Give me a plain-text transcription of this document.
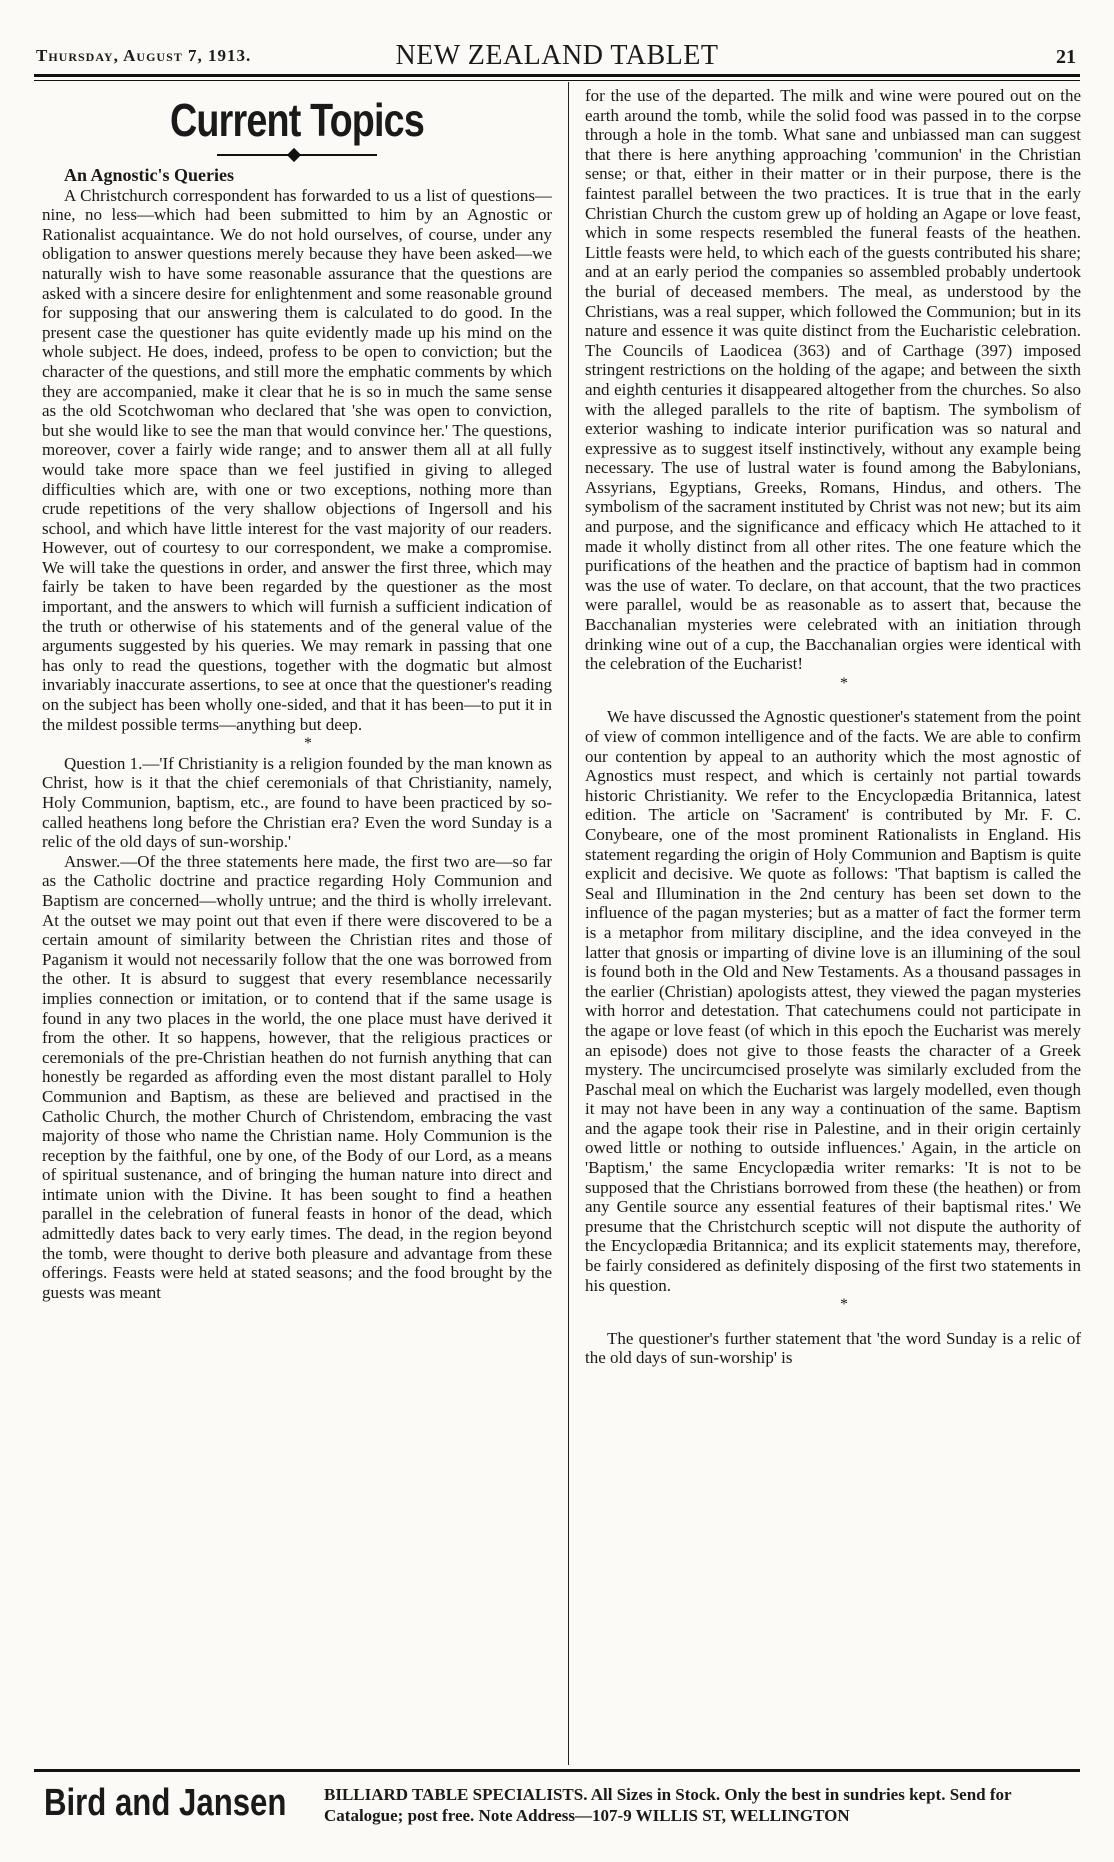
Thursday, August 7, 1913.	NEW ZEALAND TABLET	21
Current Topics

An Agnostic's Queries

A Christchurch correspondent has forwarded to us a list of questions—nine, no less—which had been submitted to him by an Agnostic or Rationalist acquaintance. We do not hold ourselves, of course, under any obligation to answer questions merely because they have been asked—we naturally wish to have some reasonable assurance that the questions are asked with a sincere desire for enlightenment and some reasonable ground for supposing that our answering them is calculated to do good. In the present case the questioner has quite evidently made up his mind on the whole subject. He does, indeed, profess to be open to conviction; but the character of the questions, and still more the emphatic comments by which they are accompanied, make it clear that he is so in much the same sense as the old Scotchwoman who declared that 'she was open to conviction, but she would like to see the man that would convince her.' The questions, moreover, cover a fairly wide range; and to answer them all at all fully would take more space than we feel justified in giving to alleged difficulties which are, with one or two exceptions, nothing more than crude repetitions of the very shallow objections of Ingersoll and his school, and which have little interest for the vast majority of our readers. However, out of courtesy to our correspondent, we make a compromise. We will take the questions in order, and answer the first three, which may fairly be taken to have been regarded by the questioner as the most important, and the answers to which will furnish a sufficient indication of the truth or otherwise of his statements and of the general value of the arguments suggested by his queries. We may remark in passing that one has only to read the questions, together with the dogmatic but almost invariably inaccurate assertions, to see at once that the questioner's reading on the subject has been wholly one-sided, and that it has been—to put it in the mildest possible terms—anything but deep.

*

Question 1.—'If Christianity is a religion founded by the man known as Christ, how is it that the chief ceremonials of that Christianity, namely, Holy Communion, baptism, etc., are found to have been practiced by so-called heathens long before the Christian era? Even the word Sunday is a relic of the old days of sun-worship.'

Answer.—Of the three statements here made, the first two are—so far as the Catholic doctrine and practice regarding Holy Communion and Baptism are concerned—wholly untrue; and the third is wholly irrelevant. At the outset we may point out that even if there were discovered to be a certain amount of similarity between the Christian rites and those of Paganism it would not necessarily follow that the one was borrowed from the other. It is absurd to suggest that every resemblance necessarily implies connection or imitation, or to contend that if the same usage is found in any two places in the world, the one place must have derived it from the other. It so happens, however, that the religious practices or ceremonials of the pre-Christian heathen do not furnish anything that can honestly be regarded as affording even the most distant parallel to Holy Communion and Baptism, as these are believed and practised in the Catholic Church, the mother Church of Christendom, embracing the vast majority of those who name the Christian name. Holy Communion is the reception by the faithful, one by one, of the Body of our Lord, as a means of spiritual sustenance, and of bringing the human nature into direct and intimate union with the Divine. It has been sought to find a heathen parallel in the celebration of funeral feasts in honor of the dead, which admittedly dates back to very early times. The dead, in the region beyond the tomb, were thought to derive both pleasure and advantage from these offerings. Feasts were held at stated seasons; and the food brought by the guests was meant

for the use of the departed. The milk and wine were poured out on the earth around the tomb, while the solid food was passed in to the corpse through a hole in the tomb. What sane and unbiassed man can suggest that there is here anything approaching 'communion' in the Christian sense; or that, either in their matter or in their purpose, there is the faintest parallel between the two practices. It is true that in the early Christian Church the custom grew up of holding an Agape or love feast, which in some respects resembled the funeral feasts of the heathen. Little feasts were held, to which each of the guests contributed his share; and at an early period the companies so assembled probably undertook the burial of deceased members. The meal, as understood by the Christians, was a real supper, which followed the Communion; but in its nature and essence it was quite distinct from the Eucharistic celebration. The Councils of Laodicea (363) and of Carthage (397) imposed stringent restrictions on the holding of the agape; and between the sixth and eighth centuries it disappeared altogether from the churches. So also with the alleged parallels to the rite of baptism. The symbolism of exterior washing to indicate interior purification was so natural and expressive as to suggest itself instinctively, without any example being necessary. The use of lustral water is found among the Babylonians, Assyrians, Egyptians, Greeks, Romans, Hindus, and others. The symbolism of the sacrament instituted by Christ was not new; but its aim and purpose, and the significance and efficacy which He attached to it made it wholly distinct from all other rites. The one feature which the purifications of the heathen and the practice of baptism had in common was the use of water. To declare, on that account, that the two practices were parallel, would be as reasonable as to assert that, because the Bacchanalian mysteries were celebrated with an initiation through drinking wine out of a cup, the Bacchanalian orgies were identical with the celebration of the Eucharist!

*

We have discussed the Agnostic questioner's statement from the point of view of common intelligence and of the facts. We are able to confirm our contention by appeal to an authority which the most agnostic of Agnostics must respect, and which is certainly not partial towards historic Christianity. We refer to the Encyclopædia Britannica, latest edition. The article on 'Sacrament' is contributed by Mr. F. C. Conybeare, one of the most prominent Rationalists in England. His statement regarding the origin of Holy Communion and Baptism is quite explicit and decisive. We quote as follows: 'That baptism is called the Seal and Illumination in the 2nd century has been set down to the influence of the pagan mysteries; but as a matter of fact the former term is a metaphor from military discipline, and the idea conveyed in the latter that gnosis or imparting of divine love is an illumining of the soul is found both in the Old and New Testaments. As a thousand passages in the earlier (Christian) apologists attest, they viewed the pagan mysteries with horror and detestation. That catechumens could not participate in the agape or love feast (of which in this epoch the Eucharist was merely an episode) does not give to those feasts the character of a Greek mystery. The uncircumcised proselyte was similarly excluded from the Paschal meal on which the Eucharist was largely modelled, even though it may not have been in any way a continuation of the same. Baptism and the agape took their rise in Palestine, and in their origin certainly owed little or nothing to outside influences.' Again, in the article on 'Baptism,' the same Encyclopædia writer remarks: 'It is not to be supposed that the Christians borrowed from these (the heathen) or from any Gentile source any essential features of their baptismal rites.' We presume that the Christchurch sceptic will not dispute the authority of the Encyclopædia Britannica; and its explicit statements may, therefore, be fairly considered as definitely disposing of the first two statements in his question.

*

The questioner's further statement that 'the word Sunday is a relic of the old days of sun-worship' is

Bird and Jansen BILLIARD TABLE SPECIALISTS. All Sizes in Stock. Only the best in sundries kept. Send for Catalogue; post free. Note Address—107-9 WILLIS ST, WELLINGTON
